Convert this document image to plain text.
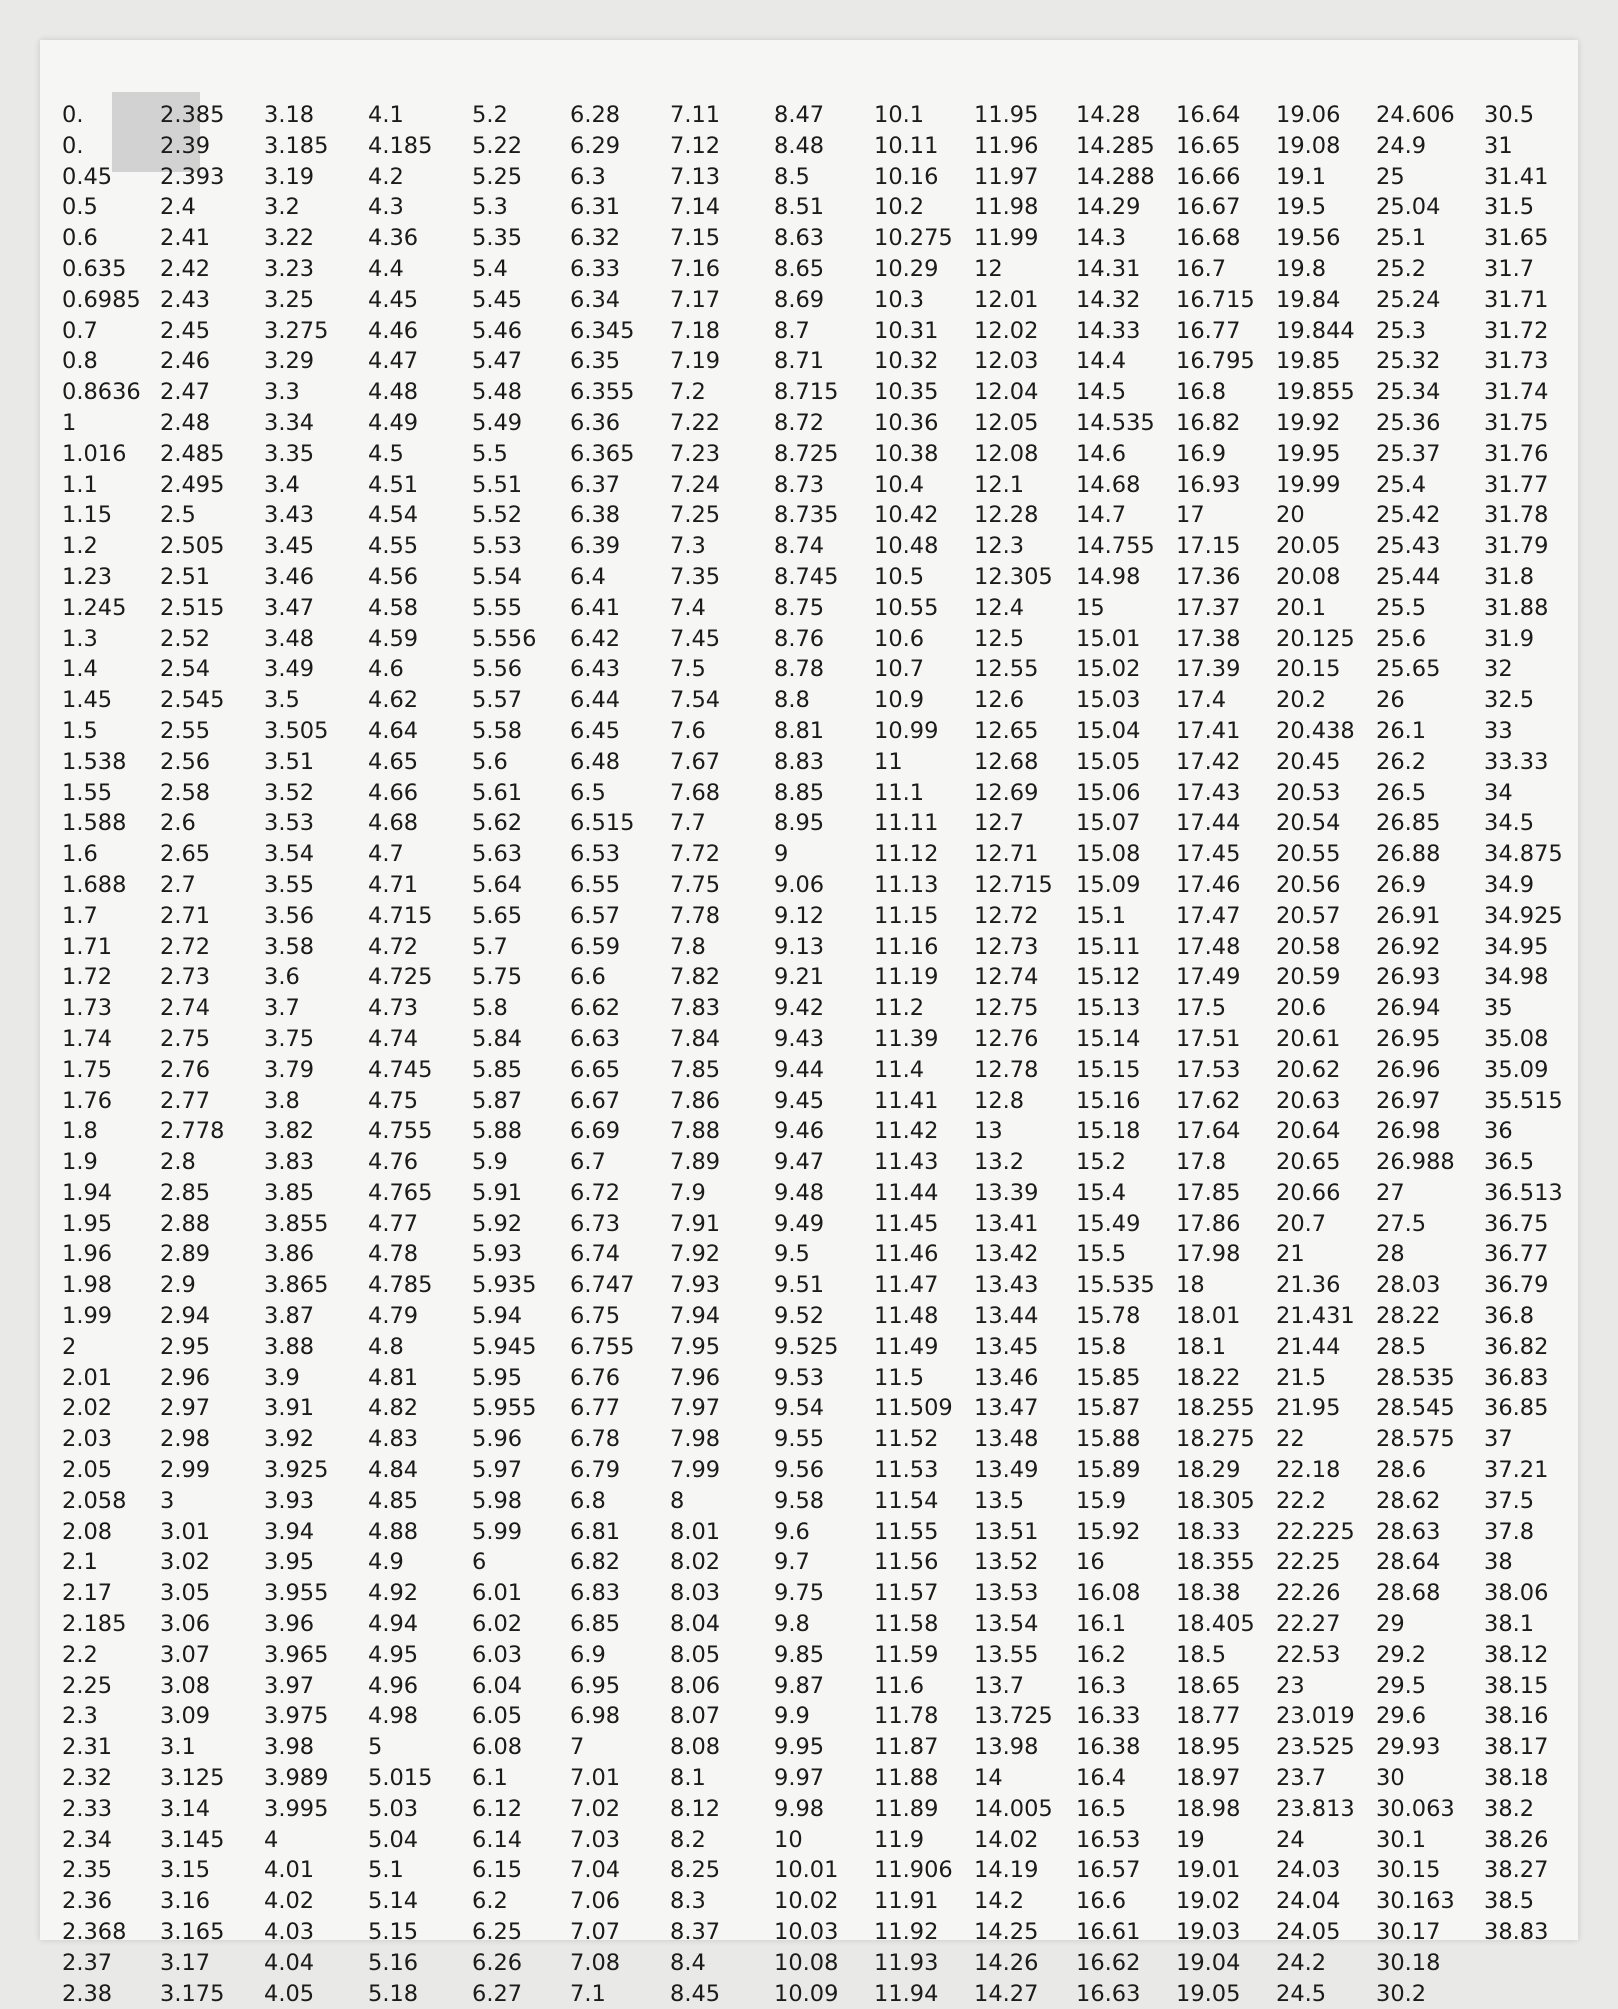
0.
0.
0.45
0.5
0.6
0.635
0.6985
0.7
0.8
0.8636
1
1.016
1.1
1.15
1.2
1.23
1.245
1.3
1.4
1.45
1.5
1.538
1.55
1.588
1.6
1.688
1.7
1.71
1.72
1.73
1.74
1.75
1.76
1.8
1.9
1.94
1.95
1.96
1.98
1.99
2
2.01
2.02
2.03
2.05
2.058
2.08
2.1
2.17
2.185
2.2
2.25
2.3
2.31
2.32
2.33
2.34
2.35
2.36
2.368
2.37
2.38
2.385
2.39
2.393
2.4
2.41
2.42
2.43
2.45
2.46
2.47
2.48
2.485
2.495
2.5
2.505
2.51
2.515
2.52
2.54
2.545
2.55
2.56
2.58
2.6
2.65
2.7
2.71
2.72
2.73
2.74
2.75
2.76
2.77
2.778
2.8
2.85
2.88
2.89
2.9
2.94
2.95
2.96
2.97
2.98
2.99
3
3.01
3.02
3.05
3.06
3.07
3.08
3.09
3.1
3.125
3.14
3.145
3.15
3.16
3.165
3.17
3.175
3.18
3.185
3.19
3.2
3.22
3.23
3.25
3.275
3.29
3.3
3.34
3.35
3.4
3.43
3.45
3.46
3.47
3.48
3.49
3.5
3.505
3.51
3.52
3.53
3.54
3.55
3.56
3.58
3.6
3.7
3.75
3.79
3.8
3.82
3.83
3.85
3.855
3.86
3.865
3.87
3.88
3.9
3.91
3.92
3.925
3.93
3.94
3.95
3.955
3.96
3.965
3.97
3.975
3.98
3.989
3.995
4
4.01
4.02
4.03
4.04
4.05
4.1
4.185
4.2
4.3
4.36
4.4
4.45
4.46
4.47
4.48
4.49
4.5
4.51
4.54
4.55
4.56
4.58
4.59
4.6
4.62
4.64
4.65
4.66
4.68
4.7
4.71
4.715
4.72
4.725
4.73
4.74
4.745
4.75
4.755
4.76
4.765
4.77
4.78
4.785
4.79
4.8
4.81
4.82
4.83
4.84
4.85
4.88
4.9
4.92
4.94
4.95
4.96
4.98
5
5.015
5.03
5.04
5.1
5.14
5.15
5.16
5.18
5.2
5.22
5.25
5.3
5.35
5.4
5.45
5.46
5.47
5.48
5.49
5.5
5.51
5.52
5.53
5.54
5.55
5.556
5.56
5.57
5.58
5.6
5.61
5.62
5.63
5.64
5.65
5.7
5.75
5.8
5.84
5.85
5.87
5.88
5.9
5.91
5.92
5.93
5.935
5.94
5.945
5.95
5.955
5.96
5.97
5.98
5.99
6
6.01
6.02
6.03
6.04
6.05
6.08
6.1
6.12
6.14
6.15
6.2
6.25
6.26
6.27
6.28
6.29
6.3
6.31
6.32
6.33
6.34
6.345
6.35
6.355
6.36
6.365
6.37
6.38
6.39
6.4
6.41
6.42
6.43
6.44
6.45
6.48
6.5
6.515
6.53
6.55
6.57
6.59
6.6
6.62
6.63
6.65
6.67
6.69
6.7
6.72
6.73
6.74
6.747
6.75
6.755
6.76
6.77
6.78
6.79
6.8
6.81
6.82
6.83
6.85
6.9
6.95
6.98
7
7.01
7.02
7.03
7.04
7.06
7.07
7.08
7.1
7.11
7.12
7.13
7.14
7.15
7.16
7.17
7.18
7.19
7.2
7.22
7.23
7.24
7.25
7.3
7.35
7.4
7.45
7.5
7.54
7.6
7.67
7.68
7.7
7.72
7.75
7.78
7.8
7.82
7.83
7.84
7.85
7.86
7.88
7.89
7.9
7.91
7.92
7.93
7.94
7.95
7.96
7.97
7.98
7.99
8
8.01
8.02
8.03
8.04
8.05
8.06
8.07
8.08
8.1
8.12
8.2
8.25
8.3
8.37
8.4
8.45
8.47
8.48
8.5
8.51
8.63
8.65
8.69
8.7
8.71
8.715
8.72
8.725
8.73
8.735
8.74
8.745
8.75
8.76
8.78
8.8
8.81
8.83
8.85
8.95
9
9.06
9.12
9.13
9.21
9.42
9.43
9.44
9.45
9.46
9.47
9.48
9.49
9.5
9.51
9.52
9.525
9.53
9.54
9.55
9.56
9.58
9.6
9.7
9.75
9.8
9.85
9.87
9.9
9.95
9.97
9.98
10
10.01
10.02
10.03
10.08
10.09
10.1
10.11
10.16
10.2
10.275
10.29
10.3
10.31
10.32
10.35
10.36
10.38
10.4
10.42
10.48
10.5
10.55
10.6
10.7
10.9
10.99
11
11.1
11.11
11.12
11.13
11.15
11.16
11.19
11.2
11.39
11.4
11.41
11.42
11.43
11.44
11.45
11.46
11.47
11.48
11.49
11.5
11.509
11.52
11.53
11.54
11.55
11.56
11.57
11.58
11.59
11.6
11.78
11.87
11.88
11.89
11.9
11.906
11.91
11.92
11.93
11.94
11.95
11.96
11.97
11.98
11.99
12
12.01
12.02
12.03
12.04
12.05
12.08
12.1
12.28
12.3
12.305
12.4
12.5
12.55
12.6
12.65
12.68
12.69
12.7
12.71
12.715
12.72
12.73
12.74
12.75
12.76
12.78
12.8
13
13.2
13.39
13.41
13.42
13.43
13.44
13.45
13.46
13.47
13.48
13.49
13.5
13.51
13.52
13.53
13.54
13.55
13.7
13.725
13.98
14
14.005
14.02
14.19
14.2
14.25
14.26
14.27
14.28
14.285
14.288
14.29
14.3
14.31
14.32
14.33
14.4
14.5
14.535
14.6
14.68
14.7
14.755
14.98
15
15.01
15.02
15.03
15.04
15.05
15.06
15.07
15.08
15.09
15.1
15.11
15.12
15.13
15.14
15.15
15.16
15.18
15.2
15.4
15.49
15.5
15.535
15.78
15.8
15.85
15.87
15.88
15.89
15.9
15.92
16
16.08
16.1
16.2
16.3
16.33
16.38
16.4
16.5
16.53
16.57
16.6
16.61
16.62
16.63
16.64
16.65
16.66
16.67
16.68
16.7
16.715
16.77
16.795
16.8
16.82
16.9
16.93
17
17.15
17.36
17.37
17.38
17.39
17.4
17.41
17.42
17.43
17.44
17.45
17.46
17.47
17.48
17.49
17.5
17.51
17.53
17.62
17.64
17.8
17.85
17.86
17.98
18
18.01
18.1
18.22
18.255
18.275
18.29
18.305
18.33
18.355
18.38
18.405
18.5
18.65
18.77
18.95
18.97
18.98
19
19.01
19.02
19.03
19.04
19.05
19.06
19.08
19.1
19.5
19.56
19.8
19.84
19.844
19.85
19.855
19.92
19.95
19.99
20
20.05
20.08
20.1
20.125
20.15
20.2
20.438
20.45
20.53
20.54
20.55
20.56
20.57
20.58
20.59
20.6
20.61
20.62
20.63
20.64
20.65
20.66
20.7
21
21.36
21.431
21.44
21.5
21.95
22
22.18
22.2
22.225
22.25
22.26
22.27
22.53
23
23.019
23.525
23.7
23.813
24
24.03
24.04
24.05
24.2
24.5
24.606
24.9
25
25.04
25.1
25.2
25.24
25.3
25.32
25.34
25.36
25.37
25.4
25.42
25.43
25.44
25.5
25.6
25.65
26
26.1
26.2
26.5
26.85
26.88
26.9
26.91
26.92
26.93
26.94
26.95
26.96
26.97
26.98
26.988
27
27.5
28
28.03
28.22
28.5
28.535
28.545
28.575
28.6
28.62
28.63
28.64
28.68
29
29.2
29.5
29.6
29.93
30
30.063
30.1
30.15
30.163
30.17
30.18
30.2
30.5
31
31.41
31.5
31.65
31.7
31.71
31.72
31.73
31.74
31.75
31.76
31.77
31.78
31.79
31.8
31.88
31.9
32
32.5
33
33.33
34
34.5
34.875
34.9
34.925
34.95
34.98
35
35.08
35.09
35.515
36
36.5
36.513
36.75
36.77
36.79
36.8
36.82
36.83
36.85
37
37.21
37.5
37.8
38
38.06
38.1
38.12
38.15
38.16
38.17
38.18
38.2
38.26
38.27
38.5
38.83
